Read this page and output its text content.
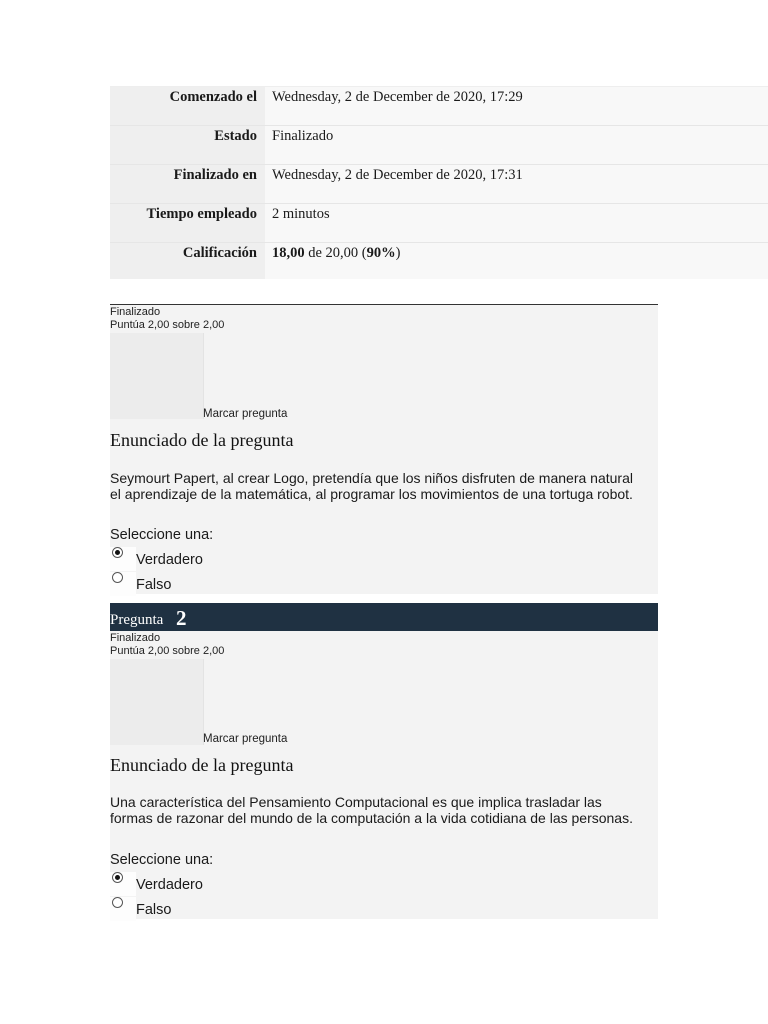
Comenzado el	Wednesday, 2 de December de 2020, 17:29
Estado	Finalizado
Finalizado en	Wednesday, 2 de December de 2020, 17:31
Tiempo empleado	2 minutos
Calificación	18,00 de 20,00 (90%)
Finalizado
Puntúa 2,00 sobre 2,00
Marcar pregunta
Enunciado de la pregunta
Seymourt Papert, al crear Logo, pretendía que los niños disfruten de manera natural el aprendizaje de la matemática, al programar los movimientos de una tortuga robot.
Seleccione una:
Verdadero
Falso
Pregunta 2
Finalizado
Puntúa 2,00 sobre 2,00
Marcar pregunta
Enunciado de la pregunta
Una característica del Pensamiento Computacional es que implica trasladar las formas de razonar del mundo de la computación a la vida cotidiana de las personas.
Seleccione una:
Verdadero
Falso
